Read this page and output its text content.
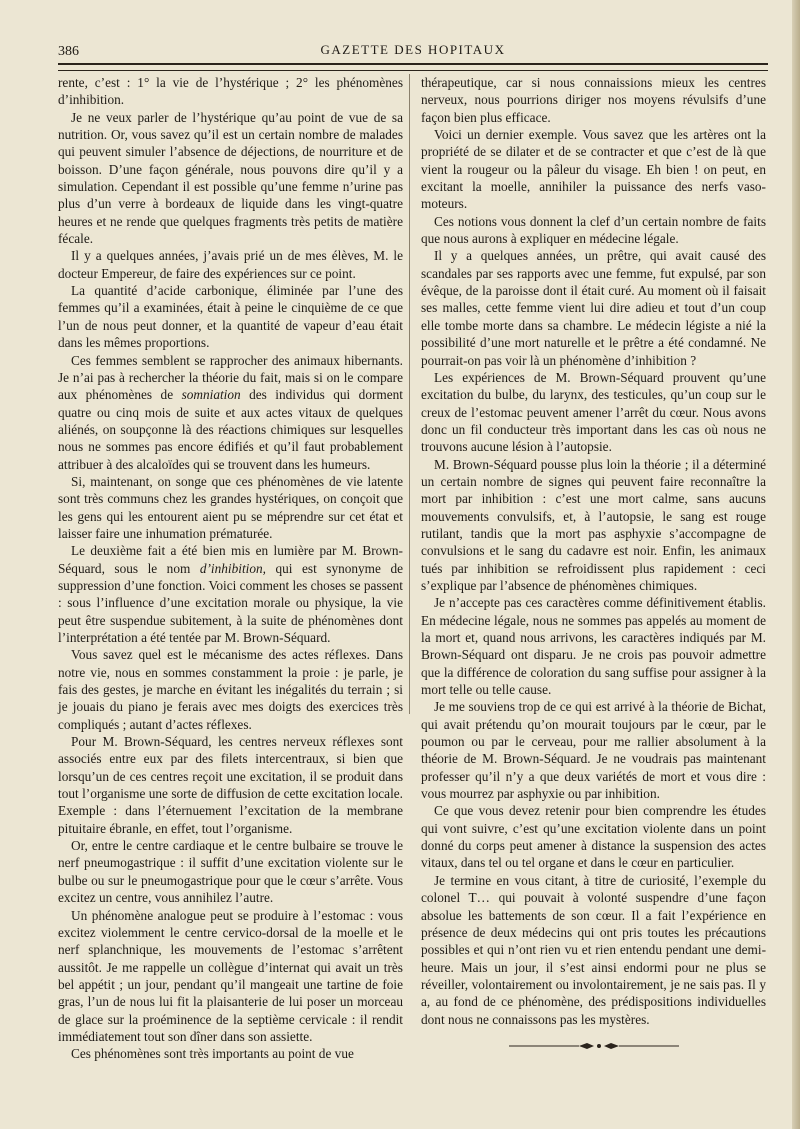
386	GAZETTE DES HOPITAUX

rente, c’est : 1° la vie de l’hystérique ; 2° les phénomènes d’inhibition.

Je ne veux parler de l’hystérique qu’au point de vue de sa nutrition. Or, vous savez qu’il est un certain nombre de malades qui peuvent simuler l’absence de déjections, de nourriture et de boisson. D’une façon générale, nous pouvons dire qu’il y a simulation. Cependant il est possible qu’une femme n’urine pas plus d’un verre à bordeaux de liquide dans les vingt-quatre heures et ne rende que quelques fragments très petits de matière fécale.

Il y a quelques années, j’avais prié un de mes élèves, M. le docteur Empereur, de faire des expériences sur ce point.

La quantité d’acide carbonique, éliminée par l’une des femmes qu’il a examinées, était à peine le cinquième de ce que l’un de nous peut donner, et la quantité de vapeur d’eau était dans les mêmes proportions.

Ces femmes semblent se rapprocher des animaux hibernants. Je n’ai pas à rechercher la théorie du fait, mais si on le compare aux phénomènes de somniation des individus qui dorment quatre ou cinq mois de suite et aux actes vitaux de quelques aliénés, on soupçonne là des réactions chimiques sur lesquelles nous ne sommes pas encore édifiés et qu’il faut probablement attribuer à des alcaloïdes qui se trouvent dans les humeurs.

Si, maintenant, on songe que ces phénomènes de vie latente sont très communs chez les grandes hystériques, on conçoit que les gens qui les entourent aient pu se méprendre sur cet état et laisser faire une inhumation prématurée.

Le deuxième fait a été bien mis en lumière par M. Brown-Séquard, sous le nom d’inhibition, qui est synonyme de suppression d’une fonction. Voici comment les choses se passent : sous l’influence d’une excitation morale ou physique, la vie peut être suspendue subitement, à la suite de phénomènes dont l’interprétation a été tentée par M. Brown-Séquard.

Vous savez quel est le mécanisme des actes réflexes. Dans notre vie, nous en sommes constamment la proie : je parle, je fais des gestes, je marche en évitant les inégalités du terrain ; si je jouais du piano je ferais avec mes doigts des exercices très compliqués ; autant d’actes réflexes.

Pour M. Brown-Séquard, les centres nerveux réflexes sont associés entre eux par des filets intercentraux, si bien que lorsqu’un de ces centres reçoit une excitation, il se produit dans tout l’organisme une sorte de diffusion de cette excitation locale. Exemple : dans l’éternuement l’excitation de la membrane pituitaire ébranle, en effet, tout l’organisme.

Or, entre le centre cardiaque et le centre bulbaire se trouve le nerf pneumogastrique : il suffit d’une excitation violente sur le bulbe ou sur le pneumogastrique pour que le cœur s’arrête. Vous excitez un centre, vous annihilez l’autre.

Un phénomène analogue peut se produire à l’estomac : vous excitez violemment le centre cervico-dorsal de la moelle et le nerf splanchnique, les mouvements de l’estomac s’arrêtent aussitôt. Je me rappelle un collègue d’internat qui avait un très bel appétit ; un jour, pendant qu’il mangeait une tartine de foie gras, l’un de nous lui fit la plaisanterie de lui poser un morceau de glace sur la proéminence de la septième cervicale : il rendit immédiatement tout son dîner dans son assiette.

Ces phénomènes sont très importants au point de vue

thérapeutique, car si nous connaissions mieux les centres nerveux, nous pourrions diriger nos moyens révulsifs d’une façon bien plus efficace.

Voici un dernier exemple. Vous savez que les artères ont la propriété de se dilater et de se contracter et que c’est de là que vient la rougeur ou la pâleur du visage. Eh bien ! on peut, en excitant la moelle, annihiler la puissance des nerfs vaso-moteurs.

Ces notions vous donnent la clef d’un certain nombre de faits que nous aurons à expliquer en médecine légale.

Il y a quelques années, un prêtre, qui avait causé des scandales par ses rapports avec une femme, fut expulsé, par son évêque, de la paroisse dont il était curé. Au moment où il faisait ses malles, cette femme vient lui dire adieu et tout d’un coup elle tombe morte dans sa chambre. Le médecin légiste a nié la possibilité d’une mort naturelle et le prêtre a été condamné. Ne pourrait-on pas voir là un phénomène d’inhibition ?

Les expériences de M. Brown-Séquard prouvent qu’une excitation du bulbe, du larynx, des testicules, qu’un coup sur le creux de l’estomac peuvent amener l’arrêt du cœur. Nous avons donc un fil conducteur très important dans les cas où nous ne trouvons aucune lésion à l’autopsie.

M. Brown-Séquard pousse plus loin la théorie ; il a déterminé un certain nombre de signes qui peuvent faire reconnaître la mort par inhibition : c’est une mort calme, sans aucuns mouvements convulsifs, et, à l’autopsie, le sang est rouge rutilant, tandis que la mort pas asphyxie s’accompagne de convulsions et le sang du cadavre est noir. Enfin, les animaux tués par inhibition se refroidissent plus rapidement : ceci s’explique par l’absence de phénomènes chimiques.

Je n’accepte pas ces caractères comme définitivement établis. En médecine légale, nous ne sommes pas appelés au moment de la mort et, quand nous arrivons, les caractères indiqués par M. Brown-Séquard ont disparu. Je ne crois pas pouvoir admettre que la différence de coloration du sang suffise pour assigner à la mort telle ou telle cause.

Je me souviens trop de ce qui est arrivé à la théorie de Bichat, qui avait prétendu qu’on mourait toujours par le cœur, par le poumon ou par le cerveau, pour me rallier absolument à la théorie de M. Brown-Séquard. Je ne voudrais pas maintenant professer qu’il n’y a que deux variétés de mort et vous dire : vous mourrez par asphyxie ou par inhibition.

Ce que vous devez retenir pour bien comprendre les études qui vont suivre, c’est qu’une excitation violente dans un point donné du corps peut amener à distance la suspension des actes vitaux, dans tel ou tel organe et dans le cœur en particulier.

Je termine en vous citant, à titre de curiosité, l’exemple du colonel T… qui pouvait à volonté suspendre d’une façon absolue les battements de son cœur. Il a fait l’expérience en présence de deux médecins qui ont pris toutes les précautions possibles et qui n’ont rien vu et rien entendu pendant une demi-heure. Mais un jour, il s’est ainsi endormi pour ne plus se réveiller, volontairement ou involontairement, je ne sais pas. Il y a, au fond de ce phénomène, des prédispositions individuelles dont nous ne connaissons pas les mystères.
